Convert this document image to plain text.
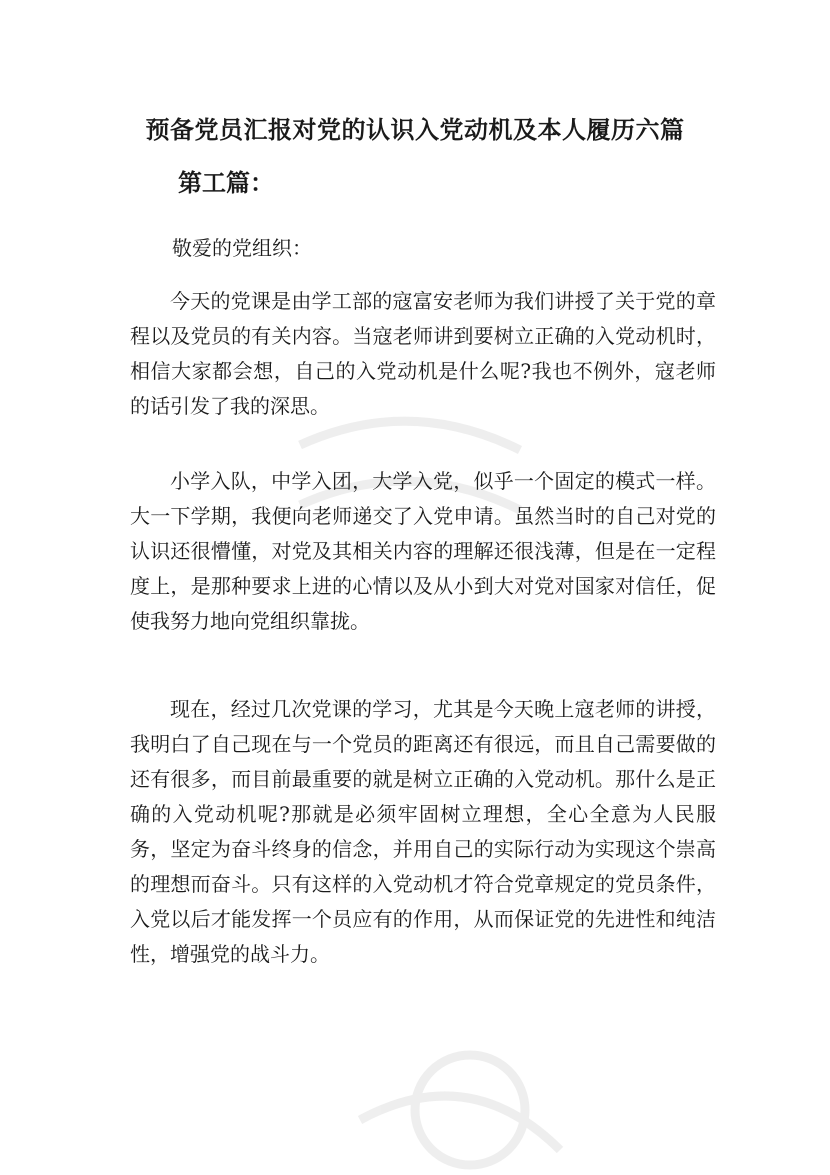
预备党员汇报对党的认识入党动机及本人履历六篇
第工篇：
敬爱的党组织：

今天的党课是由学工部的寇富安老师为我们讲授了关于党的章程以及党员的有关内容。当寇老师讲到要树立正确的入党动机时，相信大家都会想，自己的入党动机是什么呢?我也不例外，寇老师的话引发了我的深思。

小学入队，中学入团，大学入党，似乎一个固定的模式一样。大一下学期，我便向老师递交了入党申请。虽然当时的自己对党的认识还很懵懂，对党及其相关内容的理解还很浅薄，但是在一定程度上，是那种要求上进的心情以及从小到大对党对国家对信任，促使我努力地向党组织靠拢。

现在，经过几次党课的学习，尤其是今天晚上寇老师的讲授，我明白了自己现在与一个党员的距离还有很远，而且自己需要做的还有很多，而目前最重要的就是树立正确的入党动机。那什么是正确的入党动机呢?那就是必须牢固树立理想，全心全意为人民服务，坚定为奋斗终身的信念，并用自己的实际行动为实现这个崇高的理想而奋斗。只有这样的入党动机才符合党章规定的党员条件，入党以后才能发挥一个员应有的作用，从而保证党的先进性和纯洁性，增强党的战斗力。
